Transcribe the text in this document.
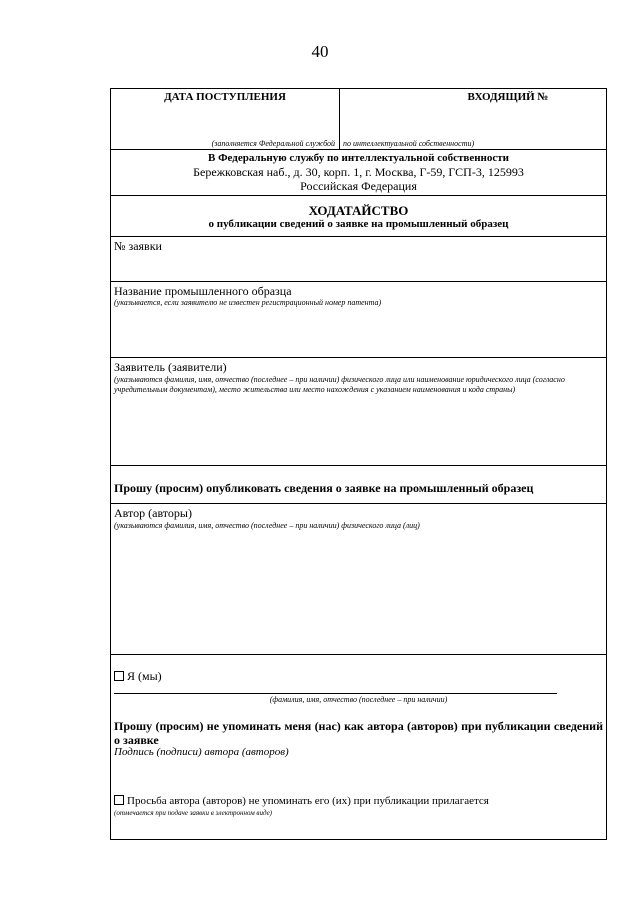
40
ДАТА ПОСТУПЛЕНИЯ	ВХОДЯЩИЙ №
(заполняется Федеральной службой	по интеллектуальной собственности)
В Федеральную службу по интеллектуальной собственности
Бережковская наб., д. 30, корп. 1, г. Москва, Г-59, ГСП-3, 125993
Российская Федерация
ХОДАТАЙСТВО
о публикации сведений о заявке на промышленный образец
№ заявки
Название промышленного образца
(указывается, если заявителю не известен регистрационный номер патента)
Заявитель (заявители)
(указываются фамилия, имя, отчество (последнее – при наличии) физического лица или наименование юридического лица (согласно учредительным документам), место жительства или место нахождения с указанием наименования и кода страны)
Прошу (просим) опубликовать сведения о заявке на промышленный образец
Автор (авторы)
(указываются фамилия, имя, отчество (последнее – при наличии) физического лица (лиц)
Я (мы)
(фамилия, имя, отчество (последнее – при наличии)
Прошу (просим) не упоминать меня (нас) как автора (авторов) при публикации сведений о заявке
Подпись (подписи) автора (авторов)
Просьба автора (авторов) не упоминать его (их) при публикации прилагается
(отмечается при подаче заявки в электронном виде)
